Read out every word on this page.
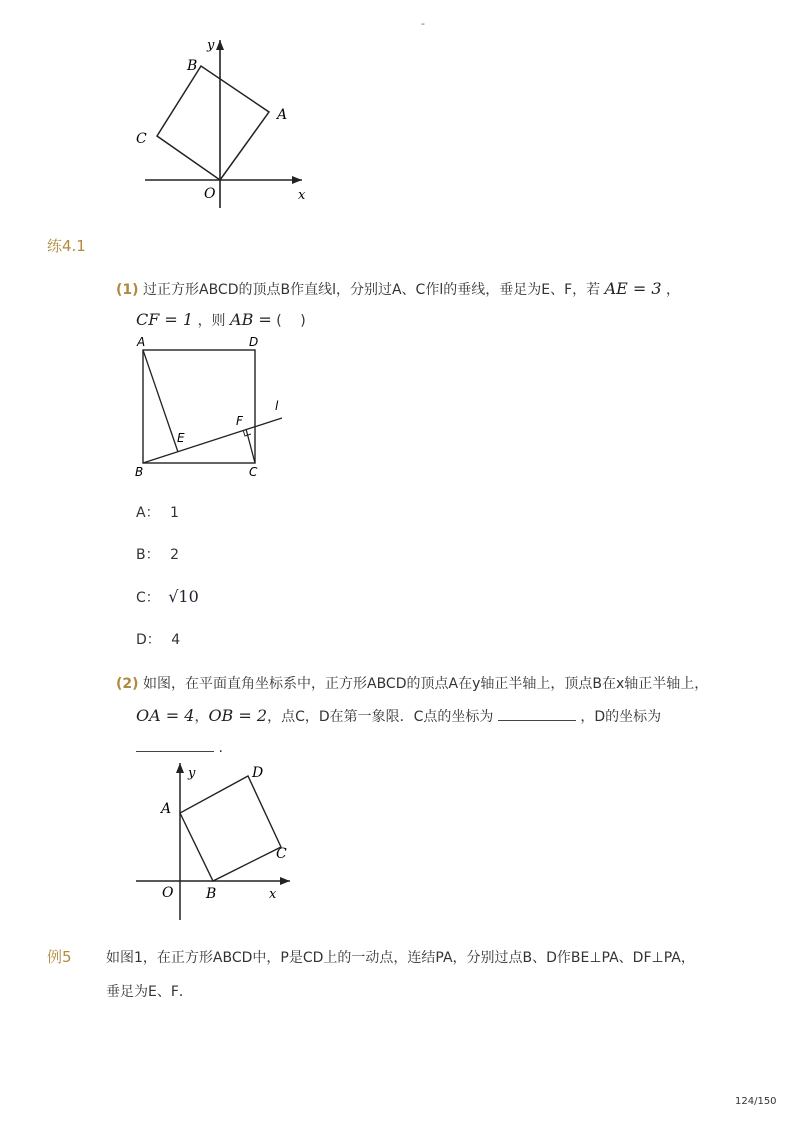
-
y
x
O
A
B
C
练4.1
(1) 过正方形ABCD的顶点B作直线l，分别过A、C作l的垂线，垂足为E、F，若 AE = 3 ，
CF = 1 ，则 AB = (　 )
A	D
l
F
E
B	C
A： 1
B： 2
C： √10
D： 4
(2) 如图，在平面直角坐标系中，正方形ABCD的顶点A在y轴正半轴上，顶点B在x轴正半轴上，
OA = 4，OB = 2，点C，D在第一象限．C点的坐标为	，D的坐标为
.
y	D
A
C
O B	x
例5 如图1，在正方形ABCD中，P是CD上的一动点，连结PA，分别过点B、D作BE⊥PA、DF⊥PA，
垂足为E、F．
124/150
